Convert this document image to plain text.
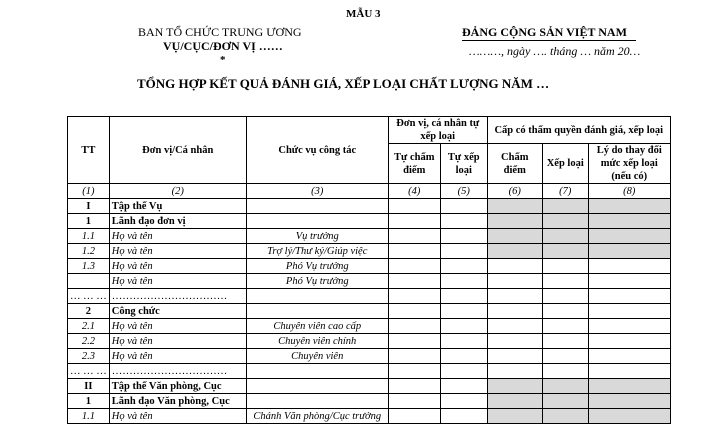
MẪU 3
BAN TỔ CHỨC TRUNG ƯƠNG
VỤ/CỤC/ĐƠN VỊ ……
*
ĐẢNG CỘNG SẢN VIỆT NAM
………, ngày …. tháng … năm 20…
TỔNG HỢP KẾT QUẢ ĐÁNH GIÁ, XẾP LOẠI CHẤT LƯỢNG NĂM …
TT	Đơn vị/Cá nhân	Chức vụ công tác	Đơn vị, cá nhân tự xếp loại		Cấp có thẩm quyền đánh giá, xếp loại		
			Tự chấm điểm	Tự xếp loại	Chấm điểm	Xếp loại	Lý do thay đổi mức xếp loại (nếu có)
(1)	(2)	(3)	(4)	(5)	(6)	(7)	(8)
I	Tập thể Vụ						
1	Lãnh đạo đơn vị						
1.1	Họ và tên	Vụ trưởng					
1.2	Họ và tên	Trợ lý/Thư ký/Giúp việc					
1.3	Họ và tên	Phó Vụ trưởng					
	Họ và tên	Phó Vụ trưởng					
… … …	……………………………						
2	Công chức						
2.1	Họ và tên	Chuyên viên cao cấp					
2.2	Họ và tên	Chuyên viên chính					
2.3	Họ và tên	Chuyên viên					
… … …	……………………………						
II	Tập thể Văn phòng, Cục						
1	Lãnh đạo Văn phòng, Cục						
1.1	Họ và tên	Chánh Văn phòng/Cục trưởng					
